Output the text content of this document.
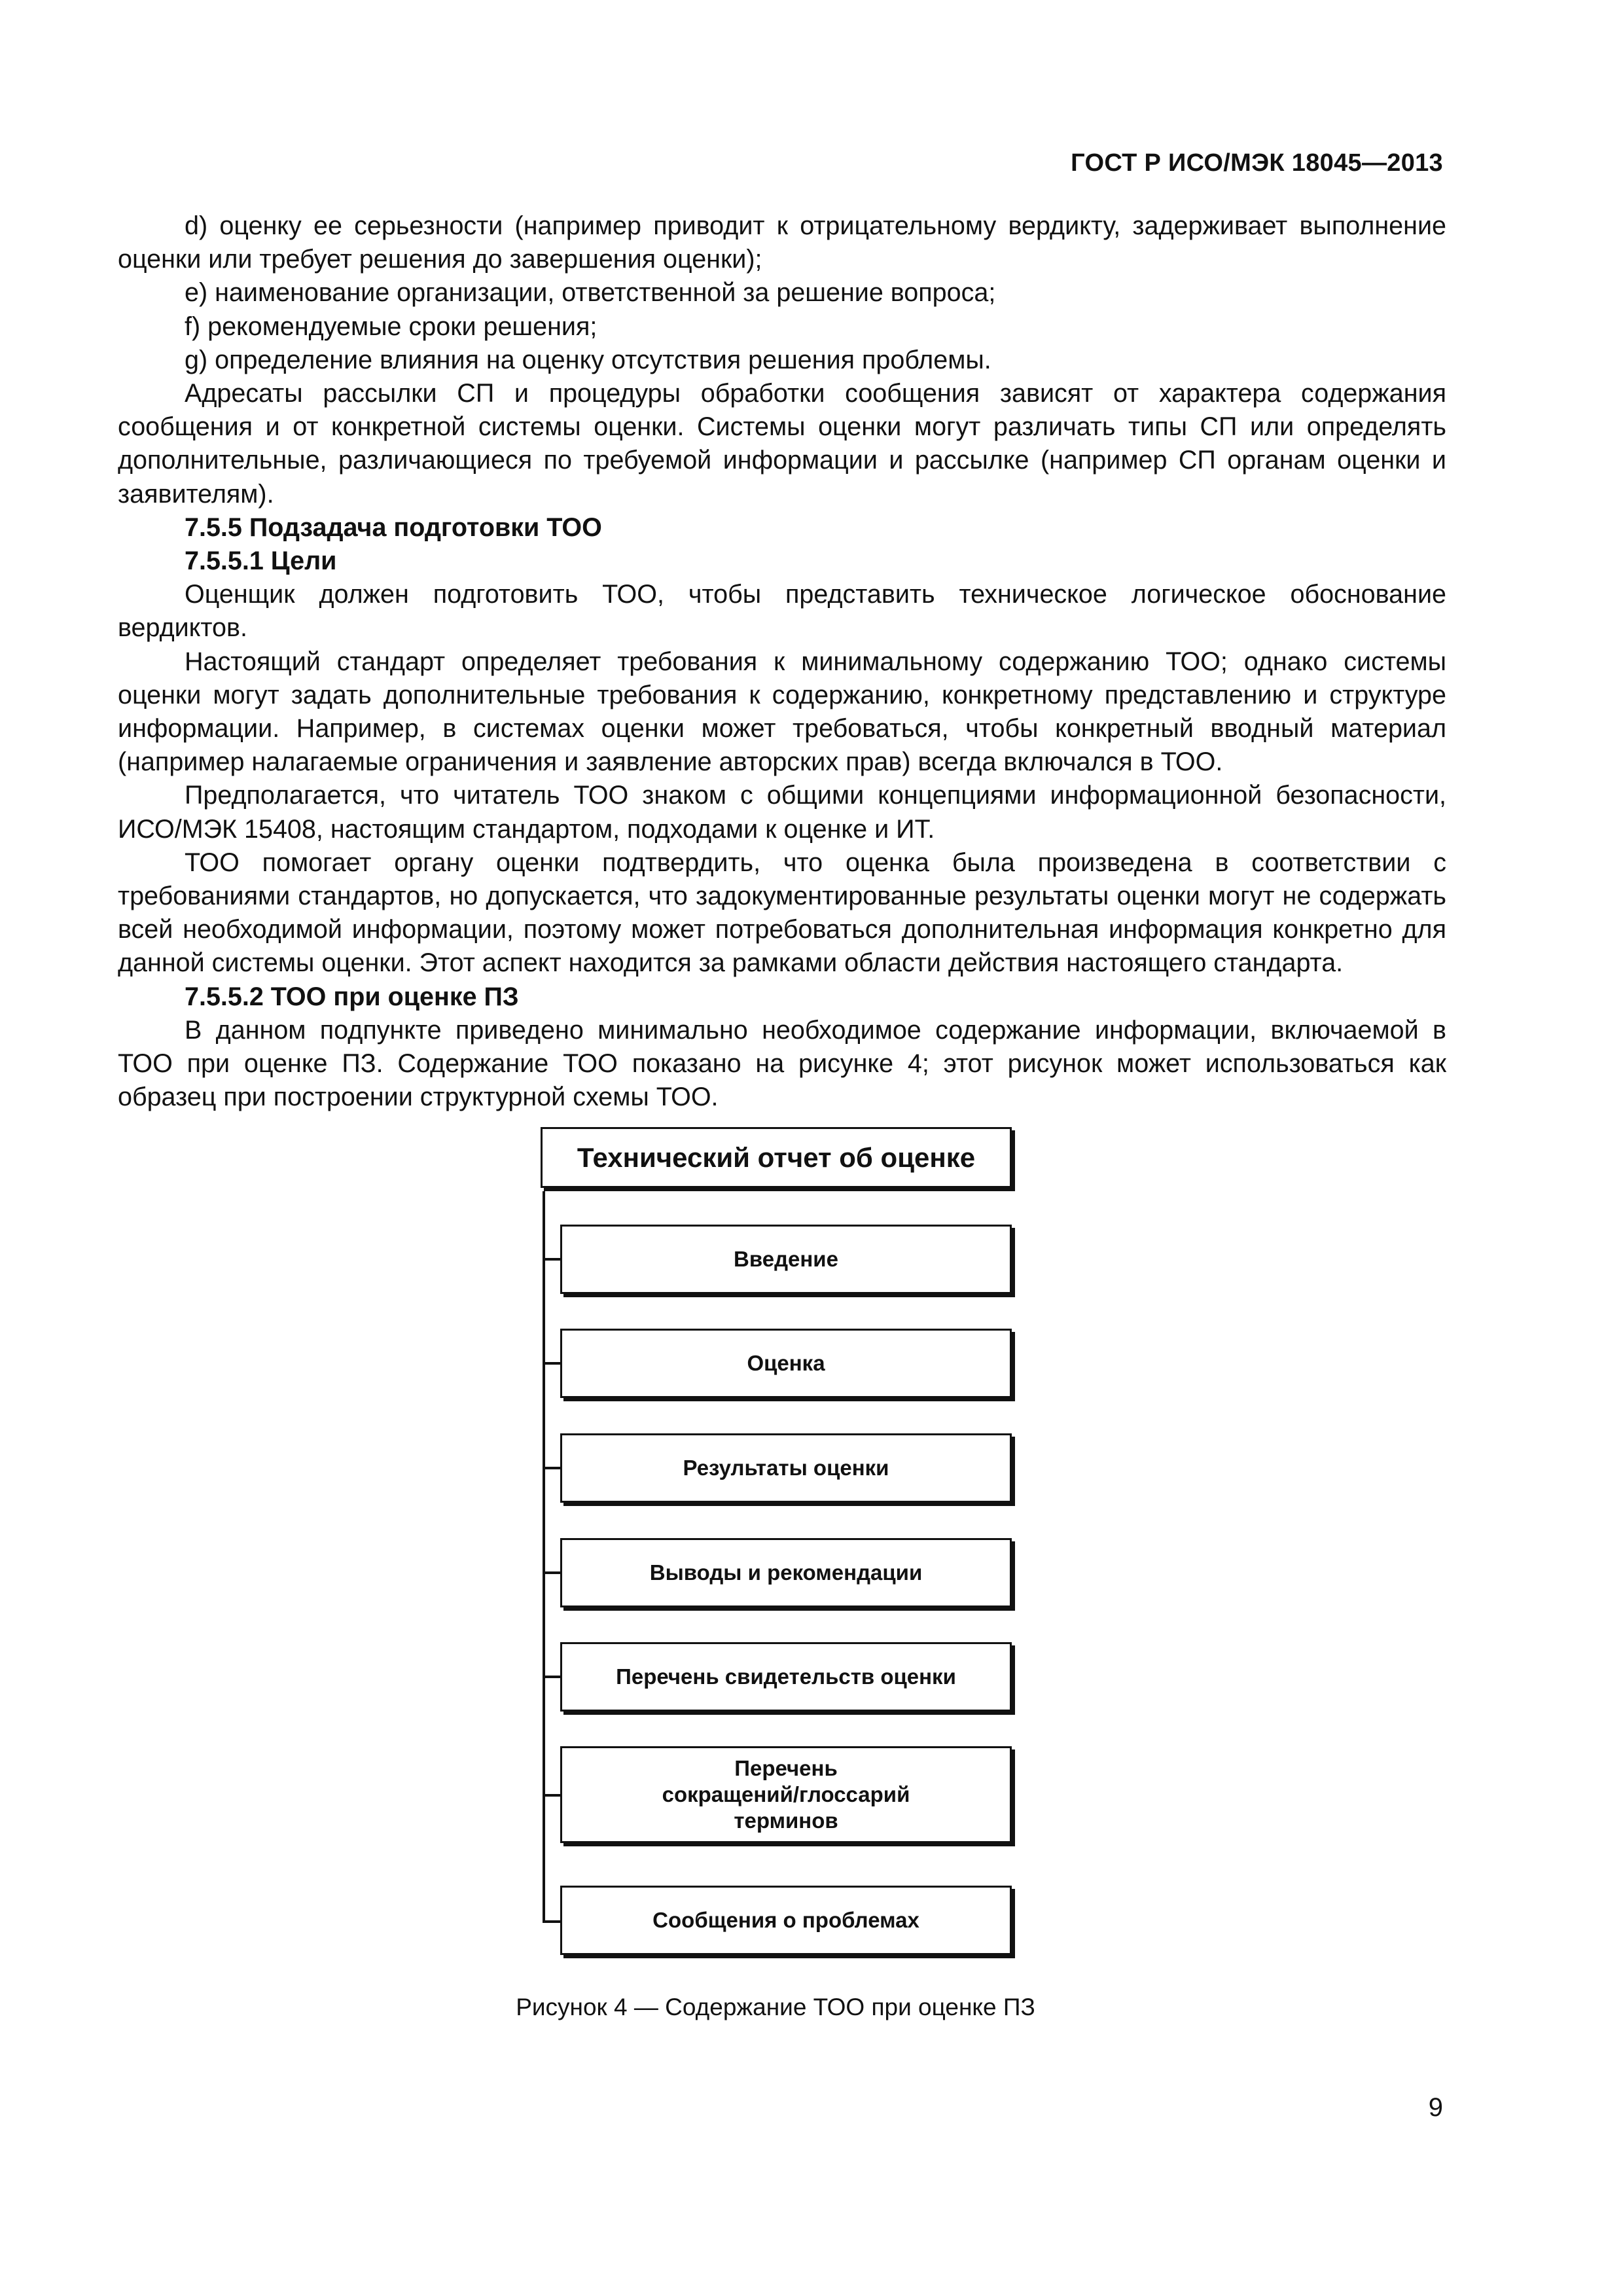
ГОСТ Р ИСО/МЭК 18045—2013

d) оценку ее серьезности (например приводит к отрицательному вердикту, задерживает выполнение оценки или требует решения до завершения оценки);

e) наименование организации, ответственной за решение вопроса;

f) рекомендуемые сроки решения;

g) определение влияния на оценку отсутствия решения проблемы.

Адресаты рассылки СП и процедуры обработки сообщения зависят от характера содержания сообщения и от конкретной системы оценки. Системы оценки могут различать типы СП или определять дополнительные, различающиеся по требуемой информации и рассылке (например СП органам оценки и заявителям).

7.5.5 Подзадача подготовки ТОО

7.5.5.1 Цели

Оценщик должен подготовить ТОО, чтобы представить техническое логическое обоснование вердиктов.

Настоящий стандарт определяет требования к минимальному содержанию ТОО; однако системы оценки могут задать дополнительные требования к содержанию, конкретному представлению и структуре информации. Например, в системах оценки может требоваться, чтобы конкретный вводный материал (например налагаемые ограничения и заявление авторских прав) всегда включался в ТОО.

Предполагается, что читатель ТОО знаком с общими концепциями информационной безопасности, ИСО/МЭК 15408, настоящим стандартом, подходами к оценке и ИТ.

ТОО помогает органу оценки подтвердить, что оценка была произведена в соответствии с требованиями стандартов, но допускается, что задокументированные результаты оценки могут не содержать всей необходимой информации, поэтому может потребоваться дополнительная информация конкретно для данной системы оценки. Этот аспект находится за рамками области действия настоящего стандарта.

7.5.5.2 ТОО при оценке ПЗ

В данном подпункте приведено минимально необходимое содержание информации, включаемой в ТОО при оценке ПЗ. Содержание ТОО показано на рисунке 4; этот рисунок может использоваться как образец при построении структурной схемы ТОО.

Технический отчет об оценке
Введение
Оценка
Результаты оценки
Выводы и рекомендации
Перечень свидетельств оценки
Перечень
сокращений/глоссарий
терминов
Сообщения о проблемах
Рисунок 4 — Содержание ТОО при оценке ПЗ
9
